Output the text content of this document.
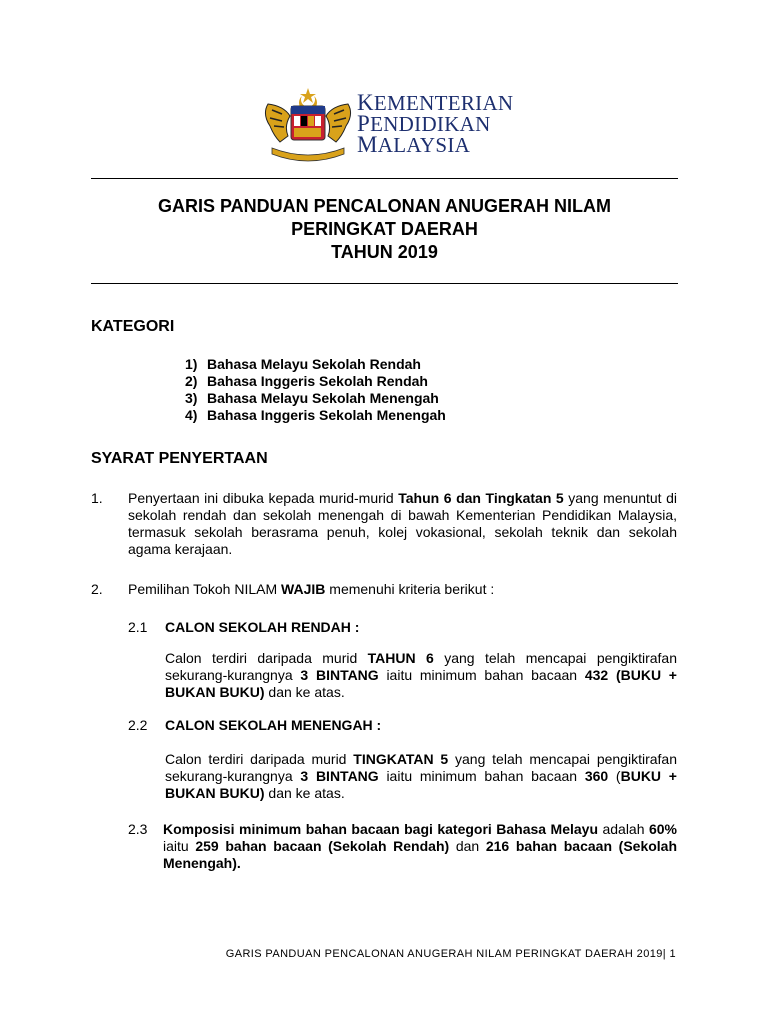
KEMENTERIAN
PENDIDIKAN
MALAYSIA
GARIS PANDUAN PENCALONAN ANUGERAH NILAM
PERINGKAT DAERAH
TAHUN 2019
KATEGORI
1) Bahasa Melayu Sekolah Rendah
2) Bahasa Inggeris Sekolah Rendah
3) Bahasa Melayu Sekolah Menengah
4) Bahasa Inggeris Sekolah Menengah
SYARAT PENYERTAAN
1. Penyertaan ini dibuka kepada murid-murid Tahun 6 dan Tingkatan 5 yang menuntut di sekolah rendah dan sekolah menengah di bawah Kementerian Pendidikan Malaysia, termasuk sekolah berasrama penuh, kolej vokasional, sekolah teknik dan sekolah agama kerajaan.
2. Pemilihan Tokoh NILAM WAJIB memenuhi kriteria berikut :
2.1 CALON SEKOLAH RENDAH :
Calon terdiri daripada murid TAHUN 6 yang telah mencapai pengiktirafan sekurang-kurangnya 3 BINTANG iaitu minimum bahan bacaan 432 (BUKU + BUKAN BUKU) dan ke atas.
2.2 CALON SEKOLAH MENENGAH :
Calon terdiri daripada murid TINGKATAN 5 yang telah mencapai pengiktirafan sekurang-kurangnya 3 BINTANG iaitu minimum bahan bacaan 360 (BUKU + BUKAN BUKU) dan ke atas.
2.3 Komposisi minimum bahan bacaan bagi kategori Bahasa Melayu adalah 60% iaitu 259 bahan bacaan (Sekolah Rendah) dan 216 bahan bacaan (Sekolah Menengah).
GARIS PANDUAN PENCALONAN ANUGERAH NILAM PERINGKAT DAERAH 2019| 1
